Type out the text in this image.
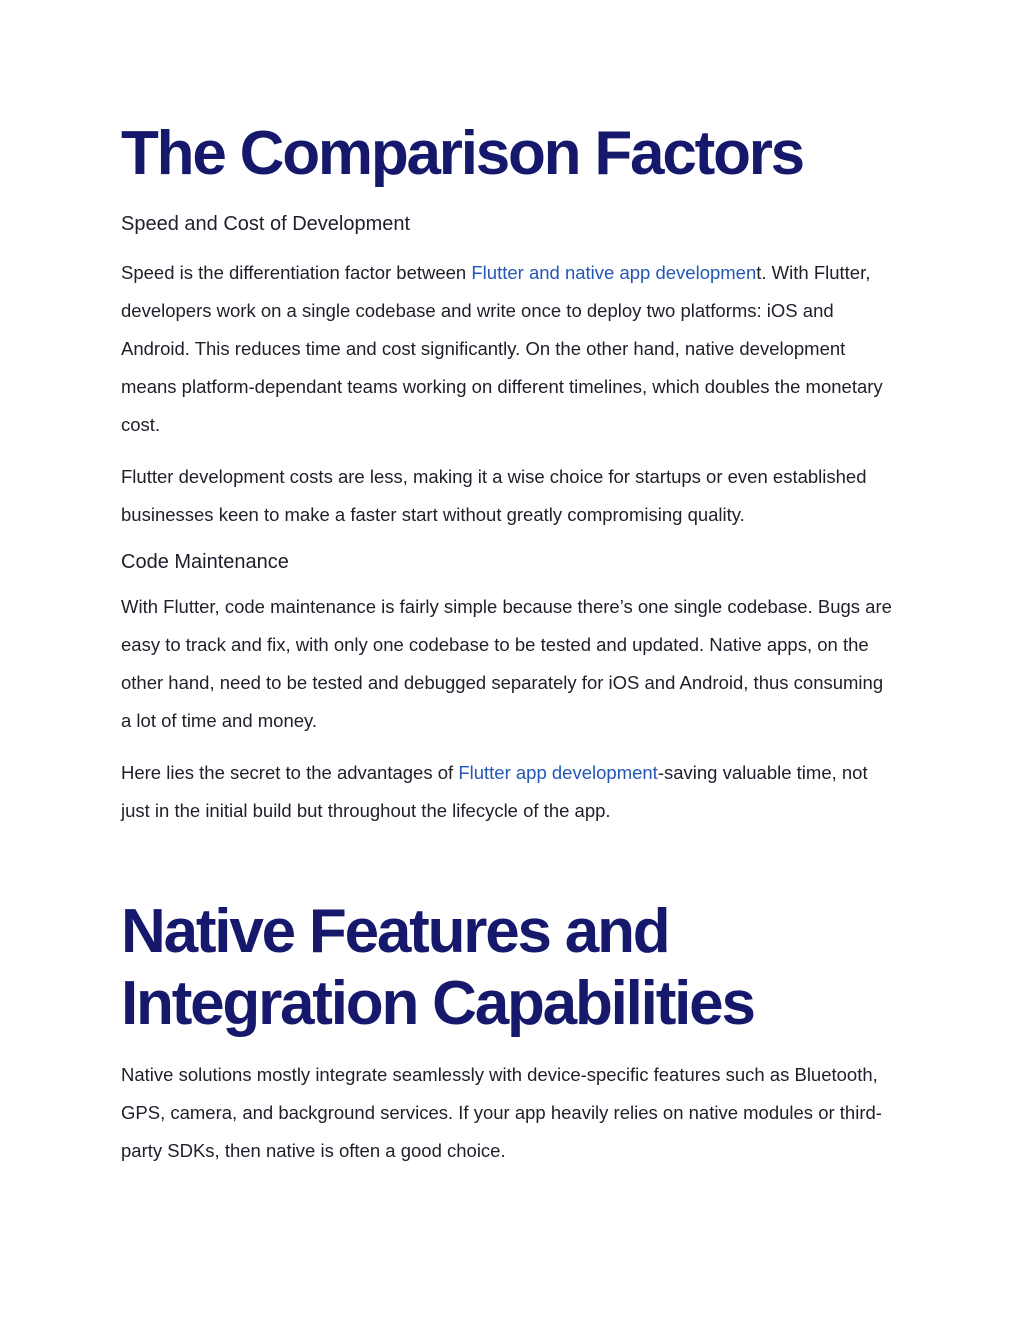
The Comparison Factors
Speed and Cost of Development

Speed is the differentiation factor between Flutter and native app development. With Flutter, developers work on a single codebase and write once to deploy two platforms: iOS and Android. This reduces time and cost significantly. On the other hand, native development means platform-dependant teams working on different timelines, which doubles the monetary cost.

Flutter development costs are less, making it a wise choice for startups or even established businesses keen to make a faster start without greatly compromising quality.

Code Maintenance

With Flutter, code maintenance is fairly simple because there’s one single codebase. Bugs are easy to track and fix, with only one codebase to be tested and updated. Native apps, on the other hand, need to be tested and debugged separately for iOS and Android, thus consuming a lot of time and money.

Here lies the secret to the advantages of Flutter app development-saving valuable time, not just in the initial build but throughout the lifecycle of the app.

Native Features and
Integration Capabilities

Native solutions mostly integrate seamlessly with device-specific features such as Bluetooth, GPS, camera, and background services. If your app heavily relies on native modules or third-party SDKs, then native is often a good choice.
